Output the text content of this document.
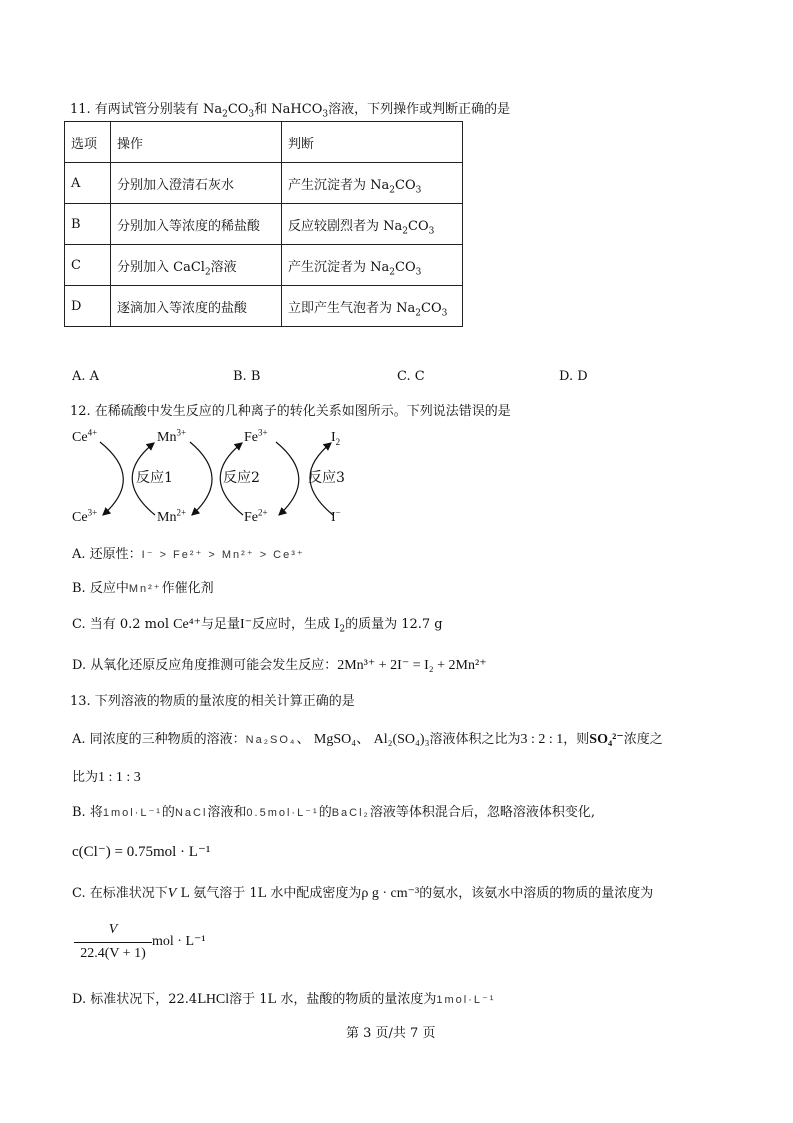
11. 有两试管分别装有 $Na_2CO_3$和 NaHCO$_3$溶液，下列操作或判断正确的是
选项	操作	判断
A	分别加入澄清石灰水	产生沉淀者为 $Na_2CO_3$
B	分别加入等浓度的稀盐酸	反应较剧烈者为 $Na_2CO_3$
C	分别加入 CaCl$_2$溶液	产生沉淀者为 $Na_2CO_3$
D	逐滴加入等浓度的盐酸	立即产生气泡者为 $Na_2CO_3$
A. A	B. B	C. C	D. D
12. 在稀硫酸中发生反应的几种离子的转化关系如图所示。下列说法错误的是
$Ce^{4+}$	$Mn^{3+}$	$Fe^{3+}$	$I_2$
$Ce^{3+}$	$Mn^{2+}$	$Fe^{2+}$	I−
反应1	反应2	反应3
A. 还原性：I⁻ > Fe²⁺ > Mn²⁺ > Ce³⁺
B. 反应中Mn²⁺作催化剂
C. 当有 0.2 mol Ce⁴⁺与足量I⁻反应时，生成 $I_2$的质量为 12.7 g
D. 从氧化还原反应角度推测可能会发生反应：2Mn³⁺ + 2I⁻ = I₂ + 2Mn²⁺
13. 下列溶液的物质的量浓度的相关计算正确的是
A. 同浓度的三种物质的溶液：Na₂SO₄、 MgSO₄、 Al₂(SO₄)₃溶液体积之比为3 : 2 : 1，则SO₄²⁻浓度之
比为1 : 1 : 3
B. 将1mol·L⁻¹的NaCl溶液和0.5mol·L⁻¹的BaCl₂溶液等体积混合后，忽略溶液体积变化,
c(Cl⁻) = 0.75mol · L⁻¹
C. 在标准状况下V L 氨气溶于 1L 水中配成密度为ρ g · cm⁻³的氨水，该氨水中溶质的物质的量浓度为
V
22.4(V + 1)
mol · L⁻¹
D. 标准状况下，22.4LHCl溶于 1L 水，盐酸的物质的量浓度为1mol·L⁻¹
第 3 页/共 7 页
